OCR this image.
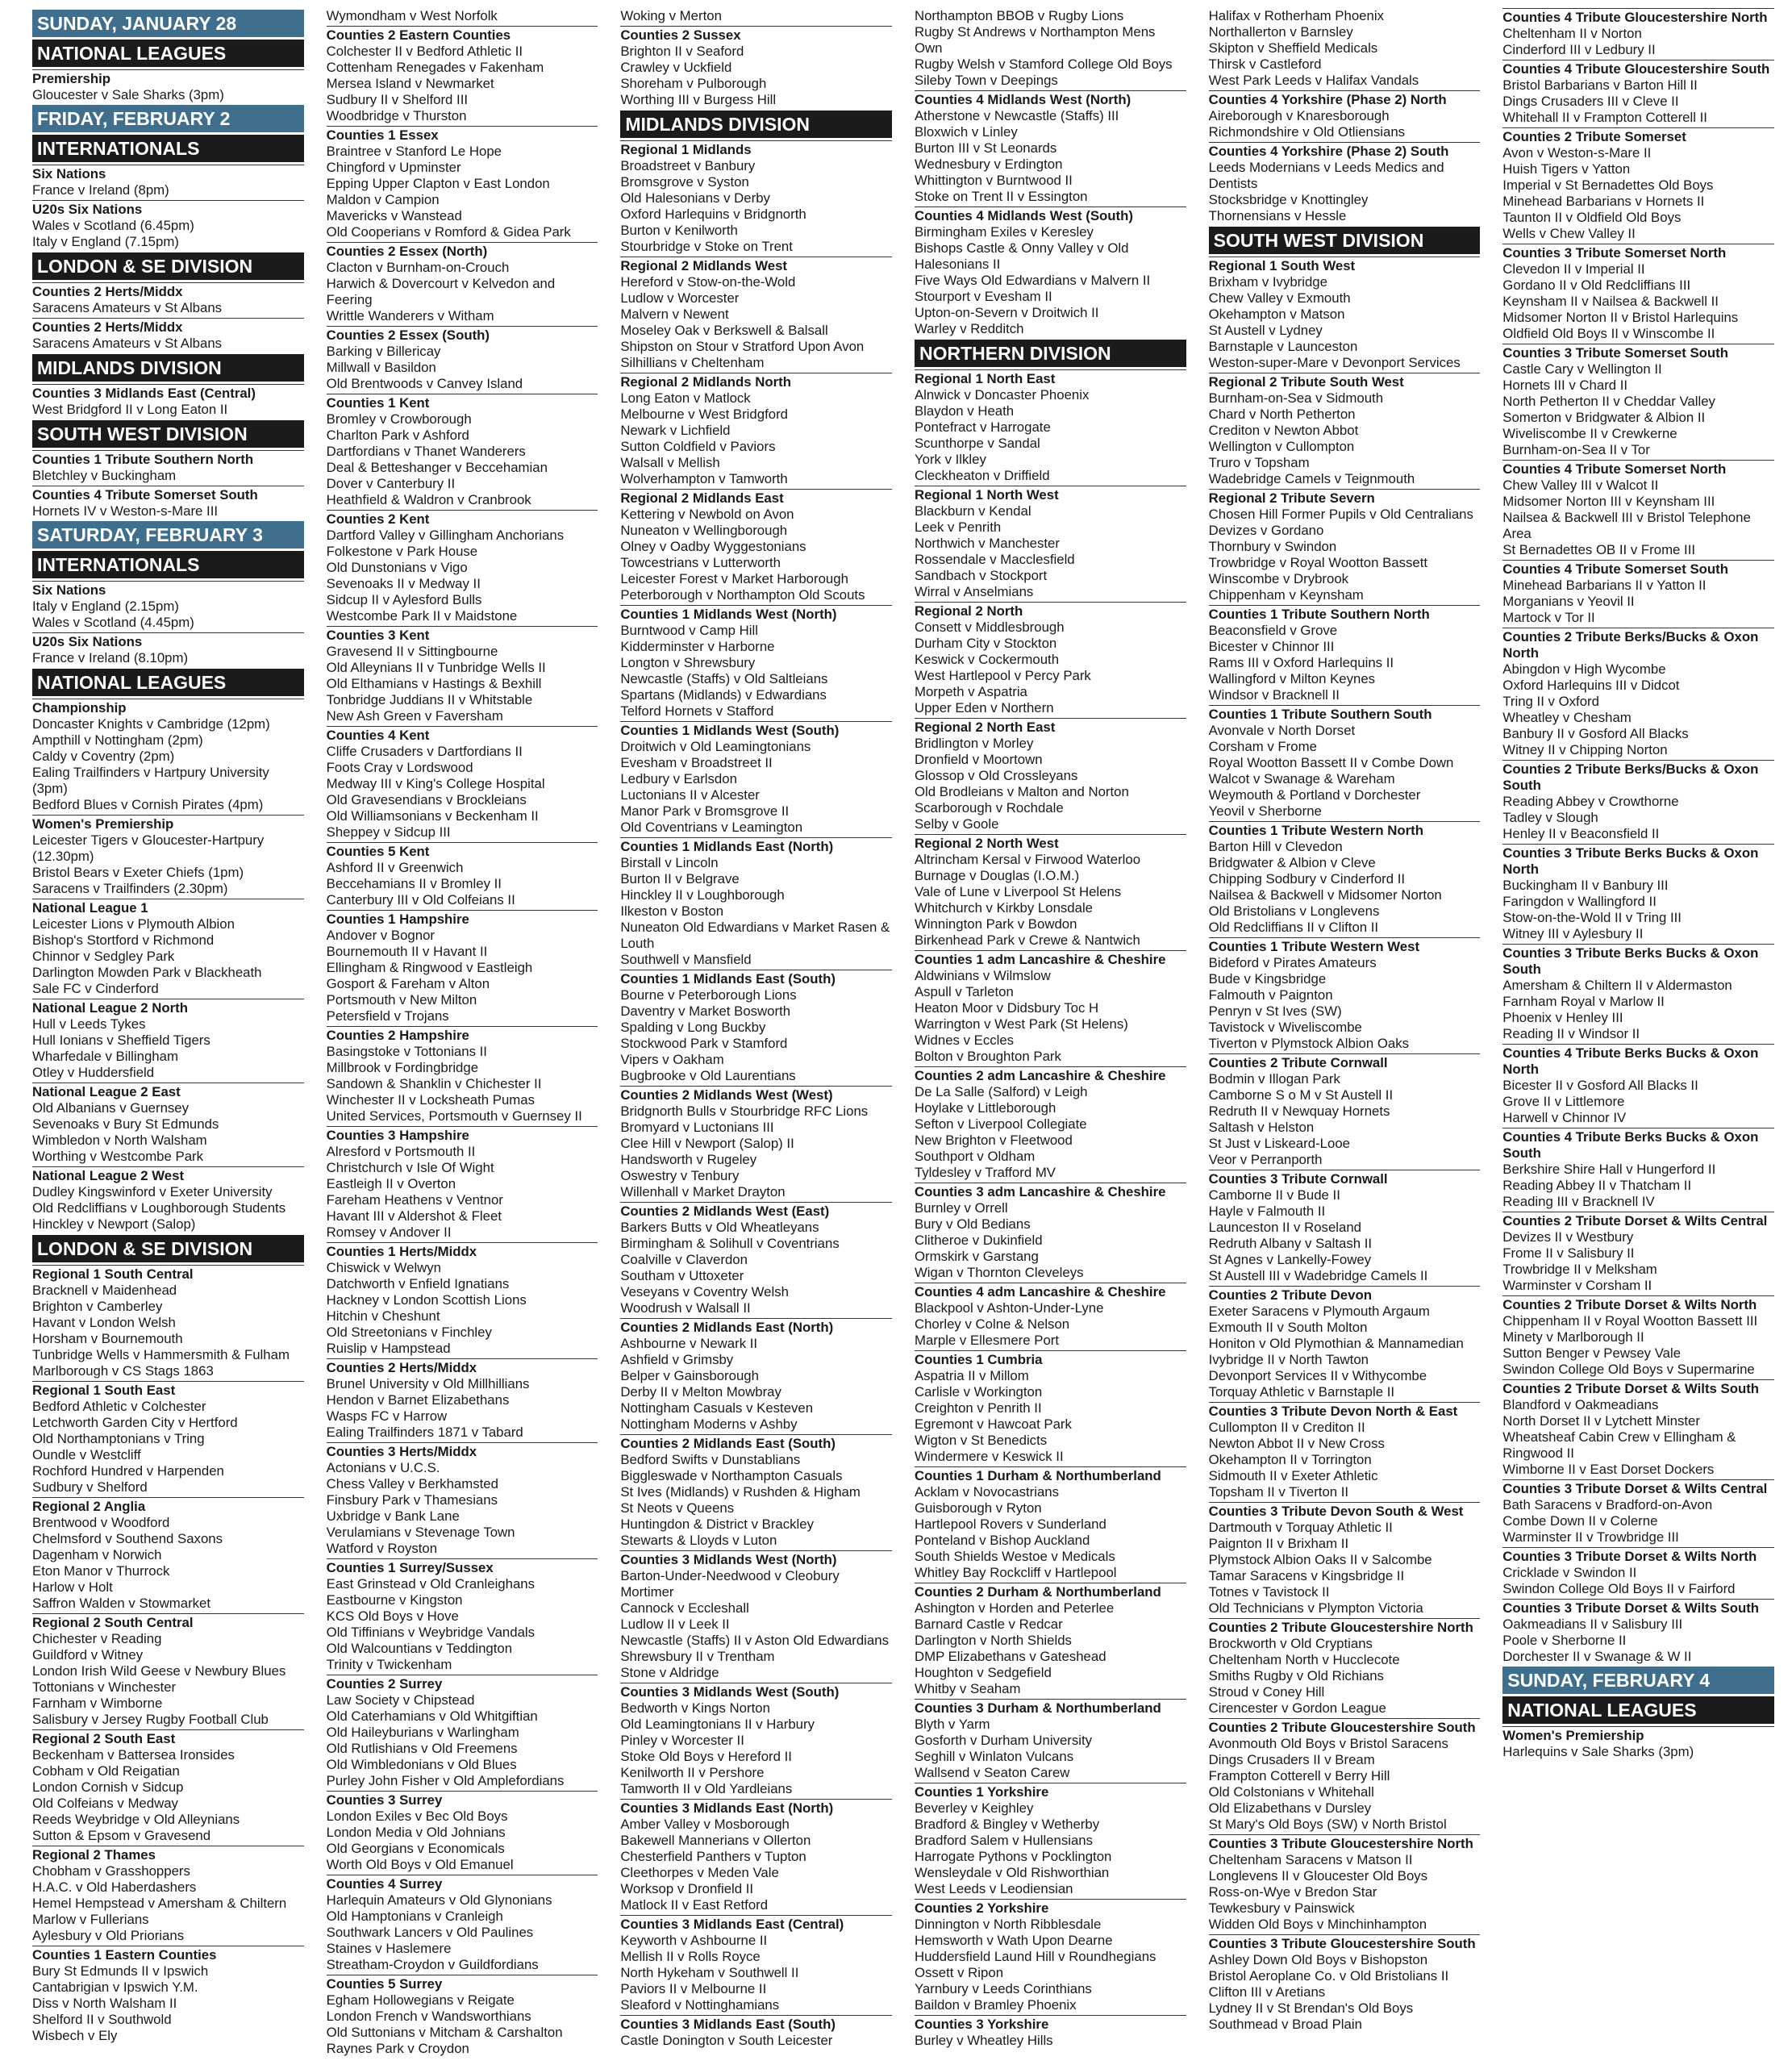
SUNDAY, JANUARY 28
NATIONAL LEAGUES
Premiership
Gloucester v Sale Sharks (3pm)
FRIDAY, FEBRUARY 2
INTERNATIONALS
Six Nations
France v Ireland (8pm)
U20s Six Nations
Wales v Scotland (6.45pm)
Italy v England (7.15pm)
LONDON & SE DIVISION
Counties 2 Herts/Middx
Saracens Amateurs v St Albans
Counties 2 Herts/Middx
Saracens Amateurs v St Albans
MIDLANDS DIVISION
Counties 3 Midlands East (Central)
West Bridgford II v Long Eaton II
SOUTH WEST DIVISION
Counties 1 Tribute Southern North
Bletchley v Buckingham
Counties 4 Tribute Somerset South
Hornets IV v Weston-s-Mare III
SATURDAY, FEBRUARY 3
INTERNATIONALS
Six Nations
Italy v England (2.15pm)
Wales v Scotland (4.45pm)
U20s Six Nations
France v Ireland (8.10pm)
NATIONAL LEAGUES
Championship
Doncaster Knights v Cambridge (12pm)
Ampthill v Nottingham (2pm)
Caldy v Coventry (2pm)
Ealing Trailfinders v Hartpury University (3pm)
Bedford Blues v Cornish Pirates (4pm)
Women's Premiership
Leicester Tigers v Gloucester-Hartpury (12.30pm)
Bristol Bears v Exeter Chiefs (1pm)
Saracens v Trailfinders (2.30pm)
National League 1
Leicester Lions v Plymouth Albion
Bishop's Stortford v Richmond
Chinnor v Sedgley Park
Darlington Mowden Park v Blackheath
Sale FC v Cinderford
National League 2 North
Hull v Leeds Tykes
Hull Ionians v Sheffield Tigers
Wharfedale v Billingham
Otley v Huddersfield
National League 2 East
Old Albanians v Guernsey
Sevenoaks v Bury St Edmunds
Wimbledon v North Walsham
Worthing v Westcombe Park
National League 2 West
Dudley Kingswinford v Exeter University
Old Redcliffians v Loughborough Students
Hinckley v Newport (Salop)
LONDON & SE DIVISION
Regional 1 South Central
Bracknell v Maidenhead
Brighton v Camberley
Havant v London Welsh
Horsham v Bournemouth
Tunbridge Wells v Hammersmith & Fulham
Marlborough v CS Stags 1863
Regional 1 South East
Bedford Athletic v Colchester
Letchworth Garden City v Hertford
Old Northamptonians v Tring
Oundle v Westcliff
Rochford Hundred v Harpenden
Sudbury v Shelford
Regional 2 Anglia
Brentwood v Woodford
Chelmsford v Southend Saxons
Dagenham v Norwich
Eton Manor v Thurrock
Harlow v Holt
Saffron Walden v Stowmarket
Regional 2 South Central
Chichester v Reading
Guildford v Witney
London Irish Wild Geese v Newbury Blues
Tottonians v Winchester
Farnham v Wimborne
Salisbury v Jersey Rugby Football Club
Regional 2 South East
Beckenham v Battersea Ironsides
Cobham v Old Reigatian
London Cornish v Sidcup
Old Colfeians v Medway
Reeds Weybridge v Old Alleynians
Sutton & Epsom v Gravesend
Regional 2 Thames
Chobham v Grasshoppers
H.A.C. v Old Haberdashers
Hemel Hempstead v Amersham & Chiltern
Marlow v Fullerians
Aylesbury v Old Priorians
Counties 1 Eastern Counties
Bury St Edmunds II v Ipswich
Cantabrigian v Ipswich Y.M.
Diss v North Walsham II
Shelford II v Southwold
Wisbech v Ely
Wymondham v West Norfolk
Counties 2 Eastern Counties
Colchester II v Bedford Athletic II
Cottenham Renegades v Fakenham
Mersea Island v Newmarket
Sudbury II v Shelford III
Woodbridge v Thurston
Counties 1 Essex
Braintree v Stanford Le Hope
Chingford v Upminster
Epping Upper Clapton v East London
Maldon v Campion
Mavericks v Wanstead
Old Cooperians v Romford & Gidea Park
Counties 2 Essex (North)
Clacton v Burnham-on-Crouch
Harwich & Dovercourt v Kelvedon and Feering
Writtle Wanderers v Witham
Counties 2 Essex (South)
Barking v Billericay
Millwall v Basildon
Old Brentwoods v Canvey Island
Counties 1 Kent
Bromley v Crowborough
Charlton Park v Ashford
Dartfordians v Thanet Wanderers
Deal & Betteshanger v Beccehamian
Dover v Canterbury II
Heathfield & Waldron v Cranbrook
Counties 2 Kent
Dartford Valley v Gillingham Anchorians
Folkestone v Park House
Old Dunstonians v Vigo
Sevenoaks II v Medway II
Sidcup II v Aylesford Bulls
Westcombe Park II v Maidstone
Counties 3 Kent
Gravesend II v Sittingbourne
Old Alleynians II v Tunbridge Wells II
Old Elthamians v Hastings & Bexhill
Tonbridge Juddians II v Whitstable
New Ash Green v Faversham
Counties 4 Kent
Cliffe Crusaders v Dartfordians II
Foots Cray v Lordswood
Medway III v King's College Hospital
Old Gravesendians v Brockleians
Old Williamsonians v Beckenham II
Sheppey v Sidcup III
Counties 5 Kent
Ashford II v Greenwich
Beccehamians II v Bromley II
Canterbury III v Old Colfeians II
Counties 1 Hampshire
Andover v Bognor
Bournemouth II v Havant II
Ellingham & Ringwood v Eastleigh
Gosport & Fareham v Alton
Portsmouth v New Milton
Petersfield v Trojans
Counties 2 Hampshire
Basingstoke v Tottonians II
Millbrook v Fordingbridge
Sandown & Shanklin v Chichester II
Winchester II v Locksheath Pumas
United Services, Portsmouth v Guernsey II
Counties 3 Hampshire
Alresford v Portsmouth II
Christchurch v Isle Of Wight
Eastleigh II v Overton
Fareham Heathens v Ventnor
Havant III v Aldershot & Fleet
Romsey v Andover II
Counties 1 Herts/Middx
Chiswick v Welwyn
Datchworth v Enfield Ignatians
Hackney v London Scottish Lions
Hitchin v Cheshunt
Old Streetonians v Finchley
Ruislip v Hampstead
Counties 2 Herts/Middx
Brunel University v Old Millhillians
Hendon v Barnet Elizabethans
Wasps FC v Harrow
Ealing Trailfinders 1871 v Tabard
Counties 3 Herts/Middx
Actonians v U.C.S.
Chess Valley v Berkhamsted
Finsbury Park v Thamesians
Uxbridge v Bank Lane
Verulamians v Stevenage Town
Watford v Royston
Counties 1 Surrey/Sussex
East Grinstead v Old Cranleighans
Eastbourne v Kingston
KCS Old Boys v Hove
Old Tiffinians v Weybridge Vandals
Old Walcountians v Teddington
Trinity v Twickenham
Counties 2 Surrey
Law Society v Chipstead
Old Caterhamians v Old Whitgiftian
Old Haileyburians v Warlingham
Old Rutlishians v Old Freemens
Old Wimbledonians v Old Blues
Purley John Fisher v Old Amplefordians
Counties 3 Surrey
London Exiles v Bec Old Boys
London Media v Old Johnians
Old Georgians v Economicals
Worth Old Boys v Old Emanuel
Counties 4 Surrey
Harlequin Amateurs v Old Glynonians
Old Hamptonians v Cranleigh
Southwark Lancers v Old Paulines
Staines v Haslemere
Streatham-Croydon v Guildfordians
Counties 5 Surrey
Egham Hollowegians v Reigate
London French v Wandsworthians
Old Suttonians v Mitcham & Carshalton
Raynes Park v Croydon
Woking v Merton
Counties 2 Sussex
Brighton II v Seaford
Crawley v Uckfield
Shoreham v Pulborough
Worthing III v Burgess Hill
MIDLANDS DIVISION
Regional 1 Midlands
Broadstreet v Banbury
Bromsgrove v Syston
Old Halesonians v Derby
Oxford Harlequins v Bridgnorth
Burton v Kenilworth
Stourbridge v Stoke on Trent
Regional 2 Midlands West
Hereford v Stow-on-the-Wold
Ludlow v Worcester
Malvern v Newent
Moseley Oak v Berkswell & Balsall
Shipston on Stour v Stratford Upon Avon
Silhillians v Cheltenham
Regional 2 Midlands North
Long Eaton v Matlock
Melbourne v West Bridgford
Newark v Lichfield
Sutton Coldfield v Paviors
Walsall v Mellish
Wolverhampton v Tamworth
Regional 2 Midlands East
Kettering v Newbold on Avon
Nuneaton v Wellingborough
Olney v Oadby Wyggestonians
Towcestrians v Lutterworth
Leicester Forest v Market Harborough
Peterborough v Northampton Old Scouts
Counties 1 Midlands West (North)
Burntwood v Camp Hill
Kidderminster v Harborne
Longton v Shrewsbury
Newcastle (Staffs) v Old Saltleians
Spartans (Midlands) v Edwardians
Telford Hornets v Stafford
Counties 1 Midlands West (South)
Droitwich v Old Leamingtonians
Evesham v Broadstreet II
Ledbury v Earlsdon
Luctonians II v Alcester
Manor Park v Bromsgrove II
Old Coventrians v Leamington
Counties 1 Midlands East (North)
Birstall v Lincoln
Burton II v Belgrave
Hinckley II v Loughborough
Ilkeston v Boston
Nuneaton Old Edwardians v Market Rasen & Louth
Southwell v Mansfield
Counties 1 Midlands East (South)
Bourne v Peterborough Lions
Daventry v Market Bosworth
Spalding v Long Buckby
Stockwood Park v Stamford
Vipers v Oakham
Bugbrooke v Old Laurentians
Counties 2 Midlands West (West)
Bridgnorth Bulls v Stourbridge RFC Lions
Bromyard v Luctonians III
Clee Hill v Newport (Salop) II
Handsworth v Rugeley
Oswestry v Tenbury
Willenhall v Market Drayton
Counties 2 Midlands West (East)
Barkers Butts v Old Wheatleyans
Birmingham & Solihull v Coventrians
Coalville v Claverdon
Southam v Uttoxeter
Veseyans v Coventry Welsh
Woodrush v Walsall II
Counties 2 Midlands East (North)
Ashbourne v Newark II
Ashfield v Grimsby
Belper v Gainsborough
Derby II v Melton Mowbray
Nottingham Casuals v Kesteven
Nottingham Moderns v Ashby
Counties 2 Midlands East (South)
Bedford Swifts v Dunstablians
Biggleswade v Northampton Casuals
St Ives (Midlands) v Rushden & Higham
St Neots v Queens
Huntingdon & District v Brackley
Stewarts & Lloyds v Luton
Counties 3 Midlands West (North)
Barton-Under-Needwood v Cleobury Mortimer
Cannock v Eccleshall
Ludlow II v Leek II
Newcastle (Staffs) II v Aston Old Edwardians
Shrewsbury II v Trentham
Stone v Aldridge
Counties 3 Midlands West (South)
Bedworth v Kings Norton
Old Leamingtonians II v Harbury
Pinley v Worcester II
Stoke Old Boys v Hereford II
Kenilworth II v Pershore
Tamworth II v Old Yardleians
Counties 3 Midlands East (North)
Amber Valley v Mosborough
Bakewell Mannerians v Ollerton
Chesterfield Panthers v Tupton
Cleethorpes v Meden Vale
Worksop v Dronfield II
Matlock II v East Retford
Counties 3 Midlands East (Central)
Keyworth v Ashbourne II
Mellish II v Rolls Royce
North Hykeham v Southwell II
Paviors II v Melbourne II
Sleaford v Nottinghamians
Counties 3 Midlands East (South)
Castle Donington v South Leicester
Northampton BBOB v Rugby Lions
Rugby St Andrews v Northampton Mens Own
Rugby Welsh v Stamford College Old Boys
Sileby Town v Deepings
Counties 4 Midlands West (North)
Atherstone v Newcastle (Staffs) III
Bloxwich v Linley
Burton III v St Leonards
Wednesbury v Erdington
Whittington v Burntwood II
Stoke on Trent II v Essington
Counties 4 Midlands West (South)
Birmingham Exiles v Keresley
Bishops Castle & Onny Valley v Old Halesonians II
Five Ways Old Edwardians v Malvern II
Stourport v Evesham II
Upton-on-Severn v Droitwich II
Warley v Redditch
NORTHERN DIVISION
Regional 1 North East
Alnwick v Doncaster Phoenix
Blaydon v Heath
Pontefract v Harrogate
Scunthorpe v Sandal
York v Ilkley
Cleckheaton v Driffield
Regional 1 North West
Blackburn v Kendal
Leek v Penrith
Northwich v Manchester
Rossendale v Macclesfield
Sandbach v Stockport
Wirral v Anselmians
Regional 2 North
Consett v Middlesbrough
Durham City v Stockton
Keswick v Cockermouth
West Hartlepool v Percy Park
Morpeth v Aspatria
Upper Eden v Northern
Regional 2 North East
Bridlington v Morley
Dronfield v Moortown
Glossop v Old Crossleyans
Old Brodleians v Malton and Norton
Scarborough v Rochdale
Selby v Goole
Regional 2 North West
Altrincham Kersal v Firwood Waterloo
Burnage v Douglas (I.O.M.)
Vale of Lune v Liverpool St Helens
Whitchurch v Kirkby Lonsdale
Winnington Park v Bowdon
Birkenhead Park v Crewe & Nantwich
Counties 1 adm Lancashire & Cheshire
Aldwinians v Wilmslow
Aspull v Tarleton
Heaton Moor v Didsbury Toc H
Warrington v West Park (St Helens)
Widnes v Eccles
Bolton v Broughton Park
Counties 2 adm Lancashire & Cheshire
De La Salle (Salford) v Leigh
Hoylake v Littleborough
Sefton v Liverpool Collegiate
New Brighton v Fleetwood
Southport v Oldham
Tyldesley v Trafford MV
Counties 3 adm Lancashire & Cheshire
Burnley v Orrell
Bury v Old Bedians
Clitheroe v Dukinfield
Ormskirk v Garstang
Wigan v Thornton Cleveleys
Counties 4 adm Lancashire & Cheshire
Blackpool v Ashton-Under-Lyne
Chorley v Colne & Nelson
Marple v Ellesmere Port
Counties 1 Cumbria
Aspatria II v Millom
Carlisle v Workington
Creighton v Penrith II
Egremont v Hawcoat Park
Wigton v St Benedicts
Windermere v Keswick II
Counties 1 Durham & Northumberland
Acklam v Novocastrians
Guisborough v Ryton
Hartlepool Rovers v Sunderland
Ponteland v Bishop Auckland
South Shields Westoe v Medicals
Whitley Bay Rockcliff v Hartlepool
Counties 2 Durham & Northumberland
Ashington v Horden and Peterlee
Barnard Castle v Redcar
Darlington v North Shields
DMP Elizabethans v Gateshead
Houghton v Sedgefield
Whitby v Seaham
Counties 3 Durham & Northumberland
Blyth v Yarm
Gosforth v Durham University
Seghill v Winlaton Vulcans
Wallsend v Seaton Carew
Counties 1 Yorkshire
Beverley v Keighley
Bradford & Bingley v Wetherby
Bradford Salem v Hullensians
Harrogate Pythons v Pocklington
Wensleydale v Old Rishworthian
West Leeds v Leodiensian
Counties 2 Yorkshire
Dinnington v North Ribblesdale
Hemsworth v Wath Upon Dearne
Huddersfield Laund Hill v Roundhegians
Ossett v Ripon
Yarnbury v Leeds Corinthians
Baildon v Bramley Phoenix
Counties 3 Yorkshire
Burley v Wheatley Hills
Halifax v Rotherham Phoenix
Northallerton v Barnsley
Skipton v Sheffield Medicals
Thirsk v Castleford
West Park Leeds v Halifax Vandals
Counties 4 Yorkshire (Phase 2) North
Aireborough v Knaresborough
Richmondshire v Old Otliensians
Counties 4 Yorkshire (Phase 2) South
Leeds Modernians v Leeds Medics and Dentists
Stocksbridge v Knottingley
Thornensians v Hessle
SOUTH WEST DIVISION
Regional 1 South West
Brixham v Ivybridge
Chew Valley v Exmouth
Okehampton v Matson
St Austell v Lydney
Barnstaple v Launceston
Weston-super-Mare v Devonport Services
Regional 2 Tribute South West
Burnham-on-Sea v Sidmouth
Chard v North Petherton
Crediton v Newton Abbot
Wellington v Cullompton
Truro v Topsham
Wadebridge Camels v Teignmouth
Regional 2 Tribute Severn
Chosen Hill Former Pupils v Old Centralians
Devizes v Gordano
Thornbury v Swindon
Trowbridge v Royal Wootton Bassett
Winscombe v Drybrook
Chippenham v Keynsham
Counties 1 Tribute Southern North
Beaconsfield v Grove
Bicester v Chinnor III
Rams III v Oxford Harlequins II
Wallingford v Milton Keynes
Windsor v Bracknell II
Counties 1 Tribute Southern South
Avonvale v North Dorset
Corsham v Frome
Royal Wootton Bassett II v Combe Down
Walcot v Swanage & Wareham
Weymouth & Portland v Dorchester
Yeovil v Sherborne
Counties 1 Tribute Western North
Barton Hill v Clevedon
Bridgwater & Albion v Cleve
Chipping Sodbury v Cinderford II
Nailsea & Backwell v Midsomer Norton
Old Bristolians v Longlevens
Old Redcliffians II v Clifton II
Counties 1 Tribute Western West
Bideford v Pirates Amateurs
Bude v Kingsbridge
Falmouth v Paignton
Penryn v St Ives (SW)
Tavistock v Wiveliscombe
Tiverton v Plymstock Albion Oaks
Counties 2 Tribute Cornwall
Bodmin v Illogan Park
Camborne S o M v St Austell II
Redruth II v Newquay Hornets
Saltash v Helston
St Just v Liskeard-Looe
Veor v Perranporth
Counties 3 Tribute Cornwall
Camborne II v Bude II
Hayle v Falmouth II
Launceston II v Roseland
Redruth Albany v Saltash II
St Agnes v Lankelly-Fowey
St Austell III v Wadebridge Camels II
Counties 2 Tribute Devon
Exeter Saracens v Plymouth Argaum
Exmouth II v South Molton
Honiton v Old Plymothian & Mannamedian
Ivybridge II v North Tawton
Devonport Services II v Withycombe
Torquay Athletic v Barnstaple II
Counties 3 Tribute Devon North & East
Cullompton II v Crediton II
Newton Abbot II v New Cross
Okehampton II v Torrington
Sidmouth II v Exeter Athletic
Topsham II v Tiverton II
Counties 3 Tribute Devon South & West
Dartmouth v Torquay Athletic II
Paignton II v Brixham II
Plymstock Albion Oaks II v Salcombe
Tamar Saracens v Kingsbridge II
Totnes v Tavistock II
Old Technicians v Plympton Victoria
Counties 2 Tribute Gloucestershire North
Brockworth v Old Cryptians
Cheltenham North v Hucclecote
Smiths Rugby v Old Richians
Stroud v Coney Hill
Cirencester v Gordon League
Counties 2 Tribute Gloucestershire South
Avonmouth Old Boys v Bristol Saracens
Dings Crusaders II v Bream
Frampton Cotterell v Berry Hill
Old Colstonians v Whitehall
Old Elizabethans v Dursley
St Mary's Old Boys (SW) v North Bristol
Counties 3 Tribute Gloucestershire North
Cheltenham Saracens v Matson II
Longlevens II v Gloucester Old Boys
Ross-on-Wye v Bredon Star
Tewkesbury v Painswick
Widden Old Boys v Minchinhampton
Counties 3 Tribute Gloucestershire South
Ashley Down Old Boys v Bishopston
Bristol Aeroplane Co. v Old Bristolians II
Clifton III v Aretians
Lydney II v St Brendan's Old Boys
Southmead v Broad Plain
Counties 4 Tribute Gloucestershire North
Cheltenham II v Norton
Cinderford III v Ledbury II
Counties 4 Tribute Gloucestershire South
Bristol Barbarians v Barton Hill II
Dings Crusaders III v Cleve II
Whitehall II v Frampton Cotterell II
Counties 2 Tribute Somerset
Avon v Weston-s-Mare II
Huish Tigers v Yatton
Imperial v St Bernadettes Old Boys
Minehead Barbarians v Hornets II
Taunton II v Oldfield Old Boys
Wells v Chew Valley II
Counties 3 Tribute Somerset North
Clevedon II v Imperial II
Gordano II v Old Redcliffians III
Keynsham II v Nailsea & Backwell II
Midsomer Norton II v Bristol Harlequins
Oldfield Old Boys II v Winscombe II
Counties 3 Tribute Somerset South
Castle Cary v Wellington II
Hornets III v Chard II
North Petherton II v Cheddar Valley
Somerton v Bridgwater & Albion II
Wiveliscombe II v Crewkerne
Burnham-on-Sea II v Tor
Counties 4 Tribute Somerset North
Chew Valley III v Walcot II
Midsomer Norton III v Keynsham III
Nailsea & Backwell III v Bristol Telephone Area
St Bernadettes OB II v Frome III
Counties 4 Tribute Somerset South
Minehead Barbarians II v Yatton II
Morganians v Yeovil II
Martock v Tor II
Counties 2 Tribute Berks/Bucks & Oxon North
Abingdon v High Wycombe
Oxford Harlequins III v Didcot
Tring II v Oxford
Wheatley v Chesham
Banbury II v Gosford All Blacks
Witney II v Chipping Norton
Counties 2 Tribute Berks/Bucks & Oxon South
Reading Abbey v Crowthorne
Tadley v Slough
Henley II v Beaconsfield II
Counties 3 Tribute Berks Bucks & Oxon North
Buckingham II v Banbury III
Faringdon v Wallingford II
Stow-on-the-Wold II v Tring III
Witney III v Aylesbury II
Counties 3 Tribute Berks Bucks & Oxon South
Amersham & Chiltern II v Aldermaston
Farnham Royal v Marlow II
Phoenix v Henley III
Reading II v Windsor II
Counties 4 Tribute Berks Bucks & Oxon North
Bicester II v Gosford All Blacks II
Grove II v Littlemore
Harwell v Chinnor IV
Counties 4 Tribute Berks Bucks & Oxon South
Berkshire Shire Hall v Hungerford II
Reading Abbey II v Thatcham II
Reading III v Bracknell IV
Counties 2 Tribute Dorset & Wilts Central
Devizes II v Westbury
Frome II v Salisbury II
Trowbridge II v Melksham
Warminster v Corsham II
Counties 2 Tribute Dorset & Wilts North
Chippenham II v Royal Wootton Bassett III
Minety v Marlborough II
Sutton Benger v Pewsey Vale
Swindon College Old Boys v Supermarine
Counties 2 Tribute Dorset & Wilts South
Blandford v Oakmeadians
North Dorset II v Lytchett Minster
Wheatsheaf Cabin Crew v Ellingham & Ringwood II
Wimborne II v East Dorset Dockers
Counties 3 Tribute Dorset & Wilts Central
Bath Saracens v Bradford-on-Avon
Combe Down II v Colerne
Warminster II v Trowbridge III
Counties 3 Tribute Dorset & Wilts North
Cricklade v Swindon II
Swindon College Old Boys II v Fairford
Counties 3 Tribute Dorset & Wilts South
Oakmeadians II v Salisbury III
Poole v Sherborne II
Dorchester II v Swanage & W II
SUNDAY, FEBRUARY 4
NATIONAL LEAGUES
Women's Premiership
Harlequins v Sale Sharks (3pm)
